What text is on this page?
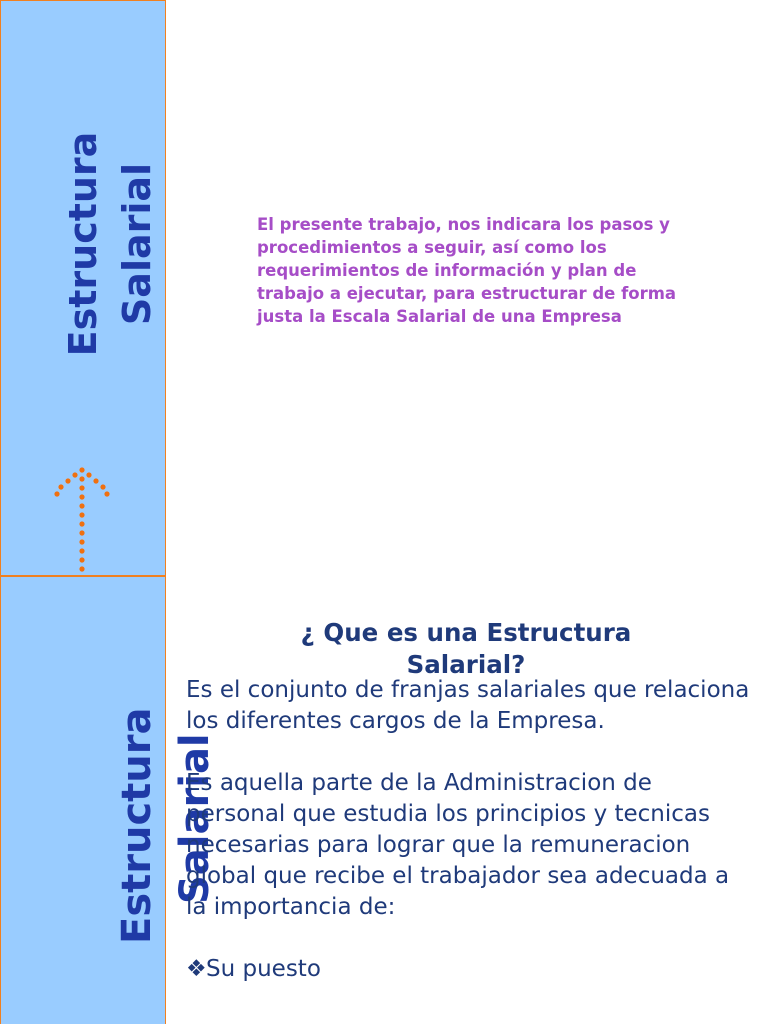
Estructura Salarial	El presente trabajo, nos indicara los pasos y procedimientos a seguir, así como los requerimientos de información y plan de trabajo a ejecutar, para estructurar de forma justa la Escala Salarial de una Empresa
Estructura Salarial
¿ Que es una Estructura Salarial?

Es el conjunto de franjas salariales que relaciona los diferentes cargos de la Empresa.

Es aquella parte de la Administracion de personal que estudia los principios y tecnicas necesarias para lograr que la remuneracion global que recibe el trabajador sea adecuada a la importancia de:

❖Su puesto
